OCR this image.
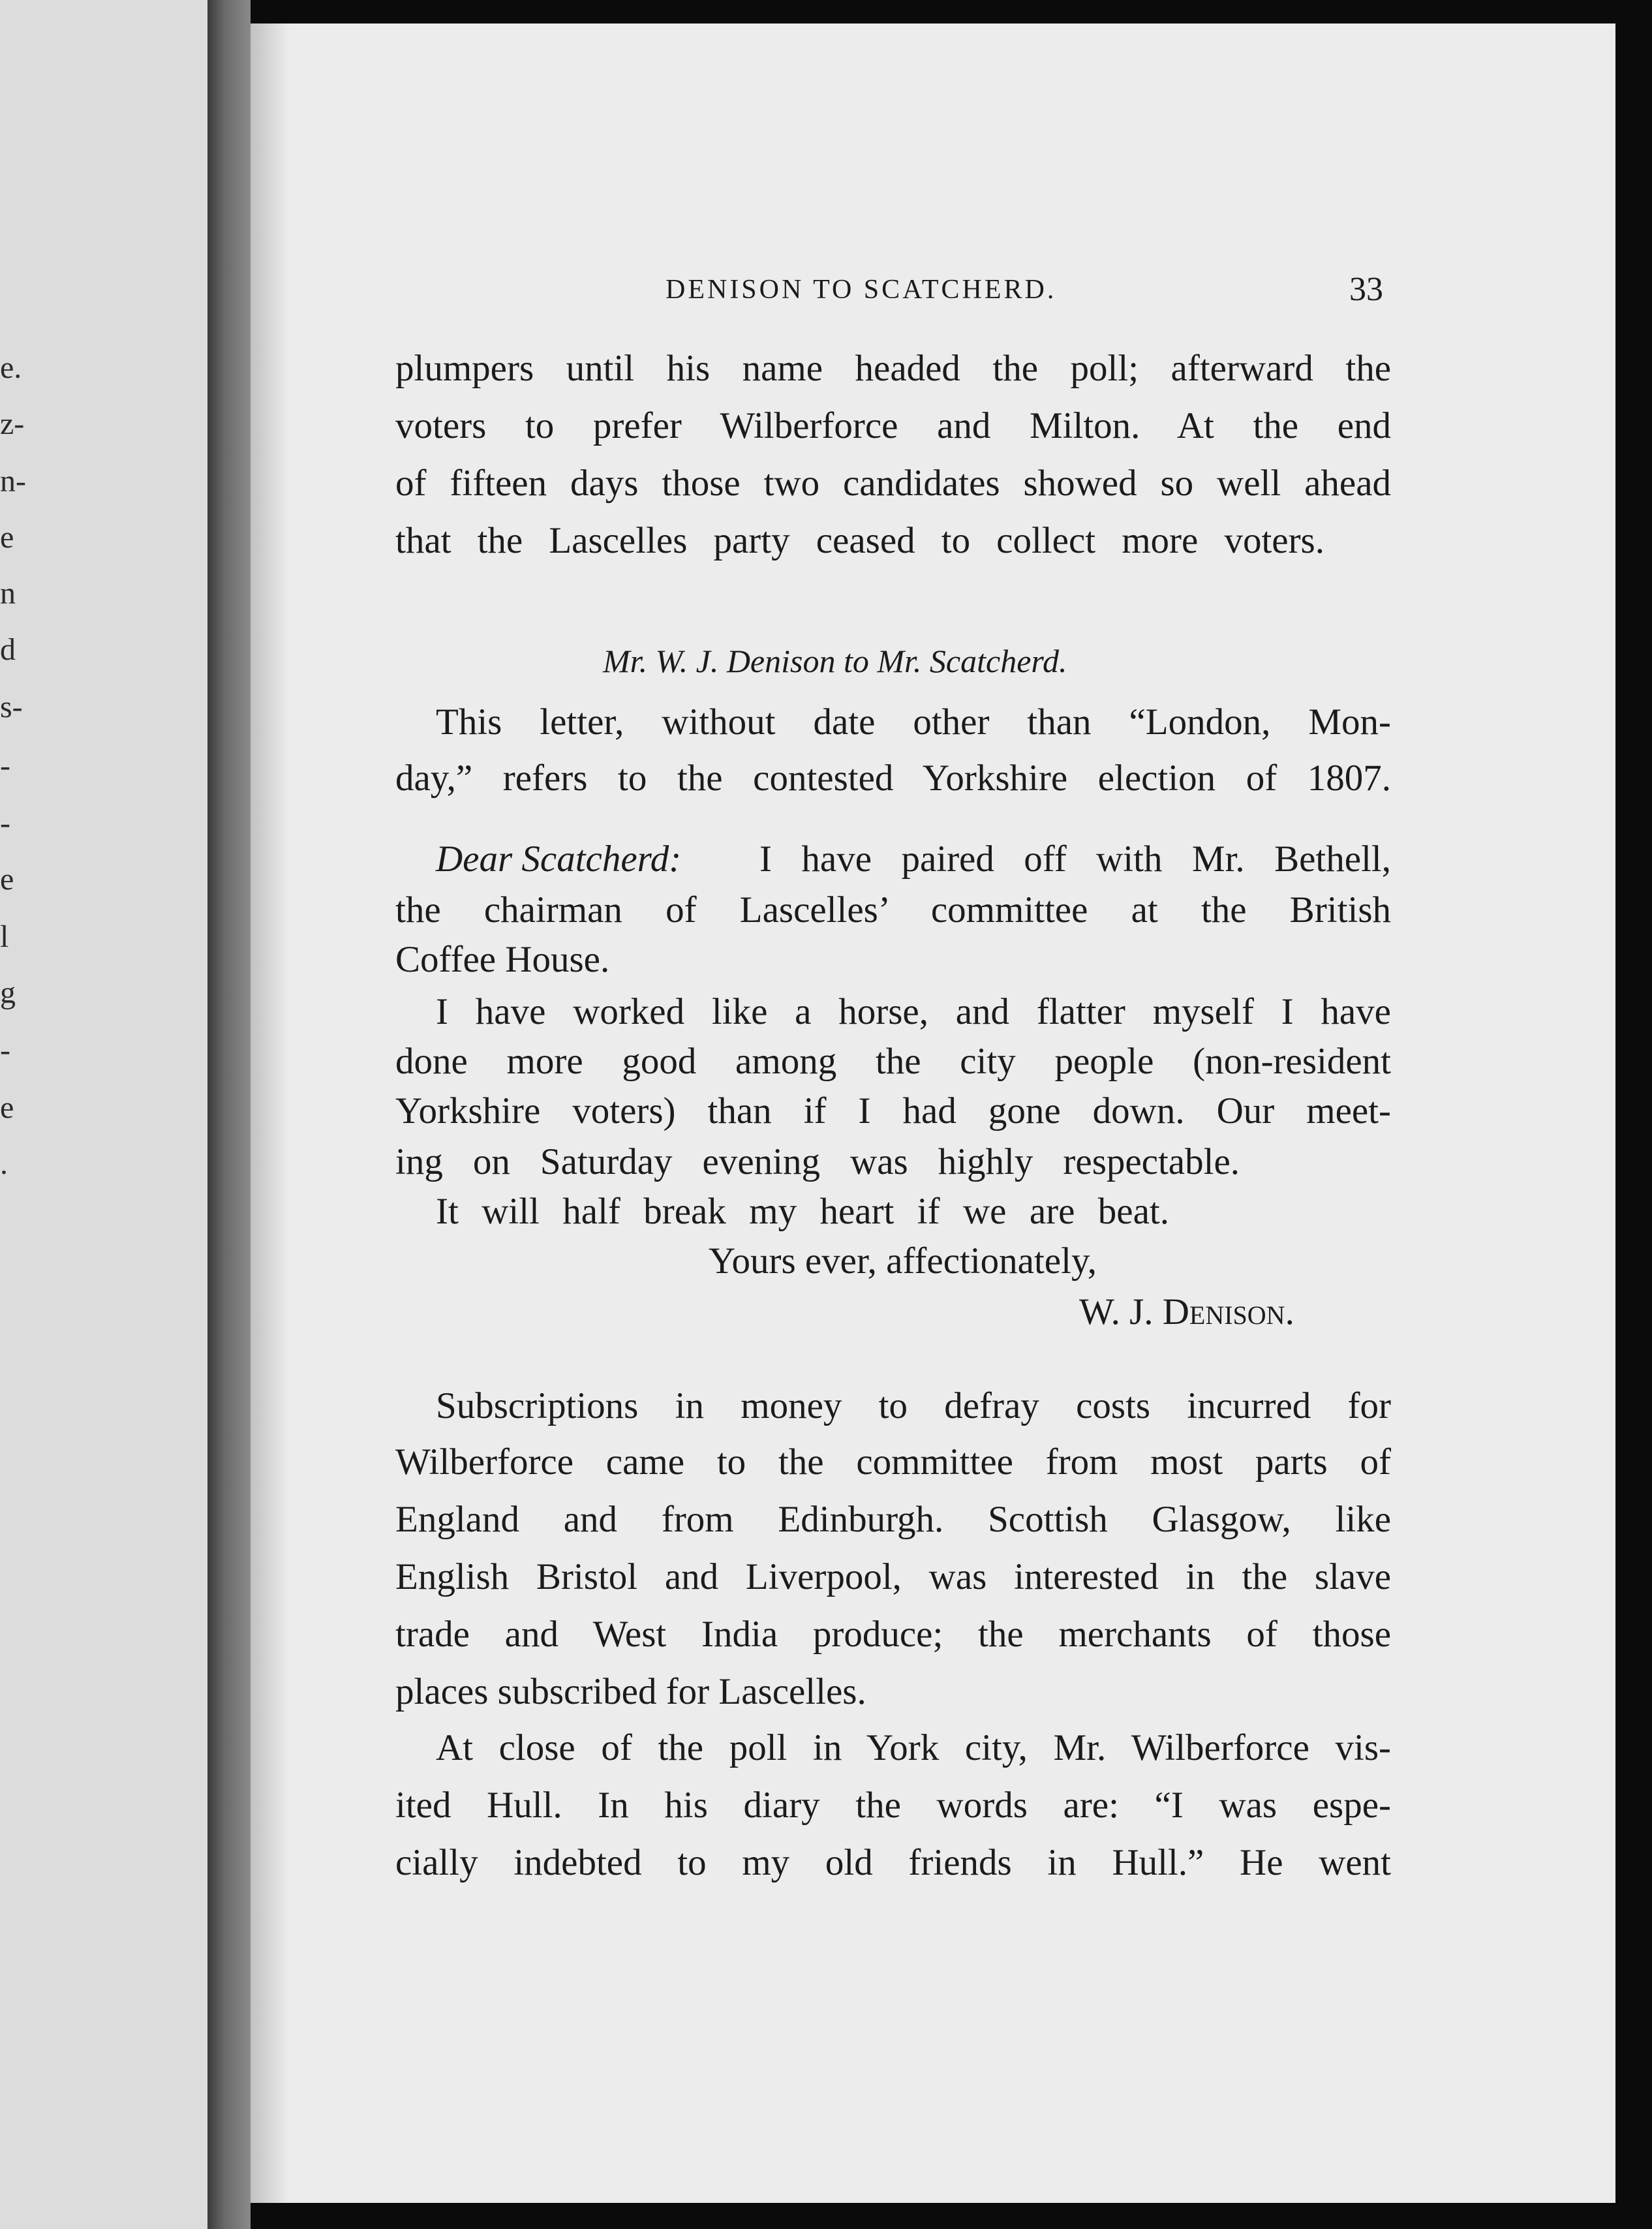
e.
z-
n-
e
n
d
s-
-
-
e
l
g
-
e
.
DENISON TO SCATCHERD.	33
plumpers until his name headed the poll; afterward the
voters to prefer Wilberforce and Milton. At the end
of fifteen days those two candidates showed so well ahead
that the Lascelles party ceased to collect more voters.
Mr. W. J. Denison to Mr. Scatcherd.
This letter, without date other than “London, Mon-
day,” refers to the contested Yorkshire election of 1807.
Dear Scatcherd: I have paired off with Mr. Bethell,
the chairman of Lascelles’ committee at the British
Coffee House.
I have worked like a horse, and flatter myself I have
done more good among the city people (non-resident
Yorkshire voters) than if I had gone down. Our meet-
ing on Saturday evening was highly respectable.
It will half break my heart if we are beat.
Yours ever, affectionately,
W. J. Denison.
Subscriptions in money to defray costs incurred for
Wilberforce came to the committee from most parts of
England and from Edinburgh. Scottish Glasgow, like
English Bristol and Liverpool, was interested in the slave
trade and West India produce; the merchants of those
places subscribed for Lascelles.
At close of the poll in York city, Mr. Wilberforce vis-
ited Hull. In his diary the words are: “I was espe-
cially indebted to my old friends in Hull.” He went
